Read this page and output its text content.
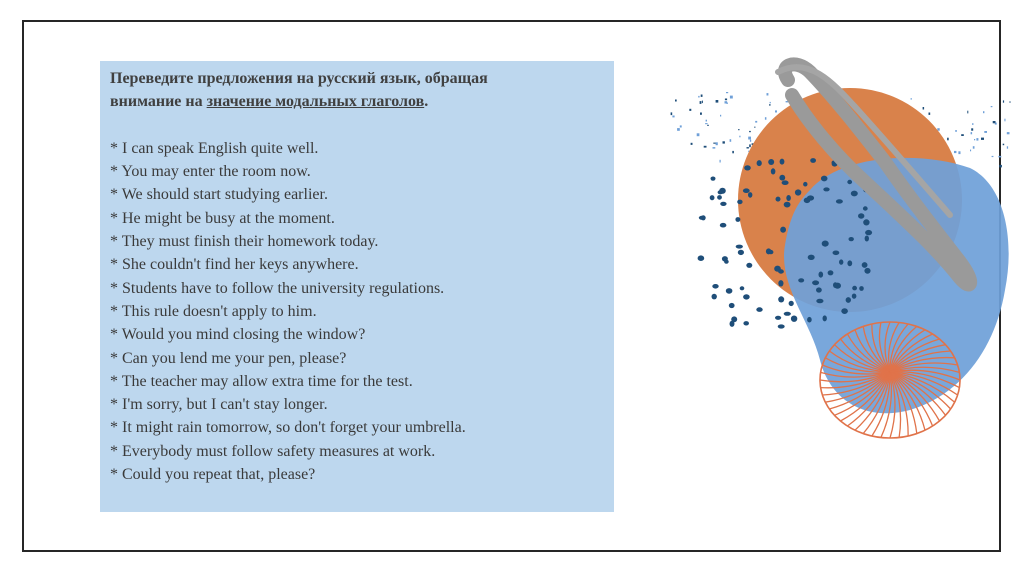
Переведите предложения на русский язык, обращая
внимание на значение модальных глаголов.
* I can speak English quite well.
* You may enter the room now.
* We should start studying earlier.
* He might be busy at the moment.
* They must finish their homework today.
* She couldn't find her keys anywhere.
* Students have to follow the university regulations.
* This rule doesn't apply to him.
* Would you mind closing the window?
* Can you lend me your pen, please?
* The teacher may allow extra time for the test.
* I'm sorry, but I can't stay longer.
* It might rain tomorrow, so don't forget your umbrella.
* Everybody must follow safety measures at work.
* Could you repeat that, please?
